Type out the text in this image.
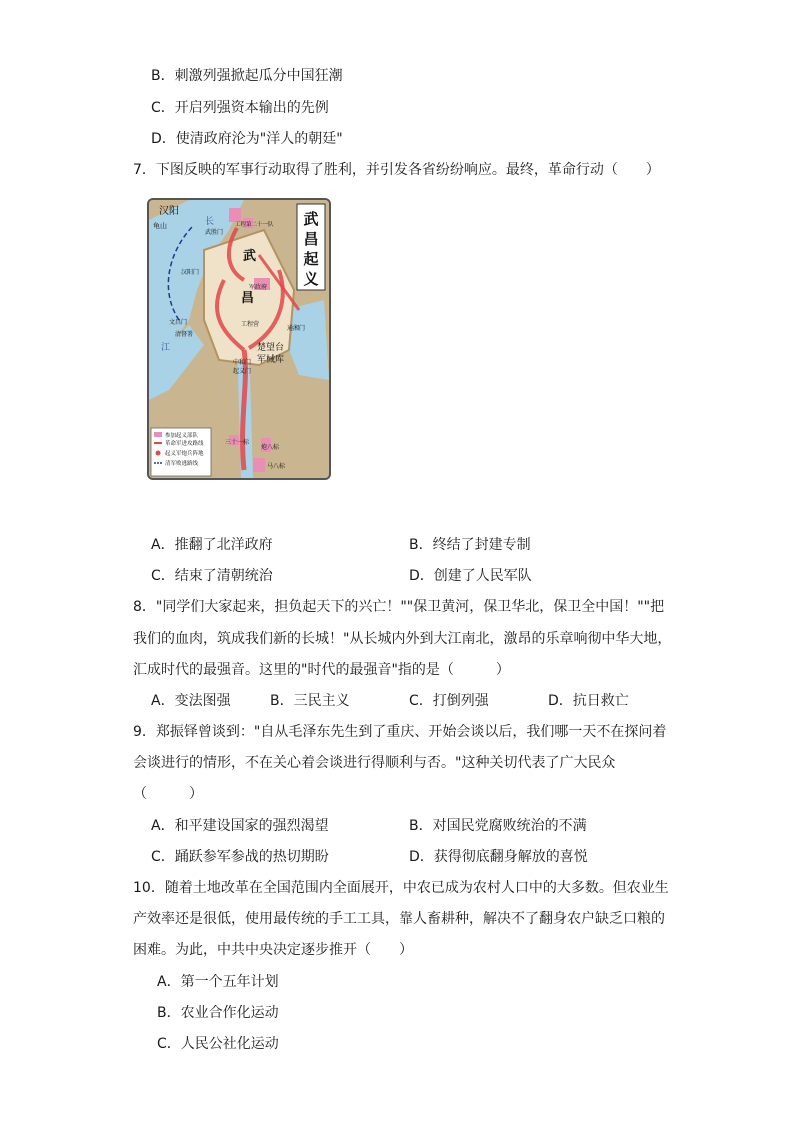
B．刺激列强掀起瓜分中国狂潮
C．开启列强资本输出的先例
D．使清政府沦为"洋人的朝廷"
7．下图反映的军事行动取得了胜利，并引发各省纷纷响应。最终，革命行动（　　）
武
昌
起
义
汉阳
龟山	长
江
工程第二十一队
武胜门
汉阳门
武
昌
军政府
文昌门
清督署
工程营
通湘门
楚望台
军械库
中和门
起义门
三十一标
炮八标
马八标
参加起义部队
革命军进攻路线
起义军炮兵阵地
清军败逃路线
A．推翻了北洋政府	B．终结了封建专制
C．结束了清朝统治	D．创建了人民军队
8．"同学们大家起来，担负起天下的兴亡！""保卫黄河，保卫华北，保卫全中国！""把
我们的血肉，筑成我们新的长城！"从长城内外到大江南北，激昂的乐章响彻中华大地，
汇成时代的最强音。这里的"时代的最强音"指的是（　　　）
A．变法图强	B．三民主义	C．打倒列强	D．抗日救亡
9．郑振铎曾谈到："自从毛泽东先生到了重庆、开始会谈以后，我们哪一天不在探问着
会谈进行的情形，不在关心着会谈进行得顺利与否。"这种关切代表了广大民众
（　　　）
A．和平建设国家的强烈渴望	B．对国民党腐败统治的不满
C．踊跃参军参战的热切期盼	D．获得彻底翻身解放的喜悦
10．随着土地改革在全国范围内全面展开，中农已成为农村人口中的大多数。但农业生
产效率还是很低，使用最传统的手工工具，靠人畜耕种，解决不了翻身农户缺乏口粮的
困难。为此，中共中央决定逐步推开（　　）
A．第一个五年计划
B．农业合作化运动
C．人民公社化运动
